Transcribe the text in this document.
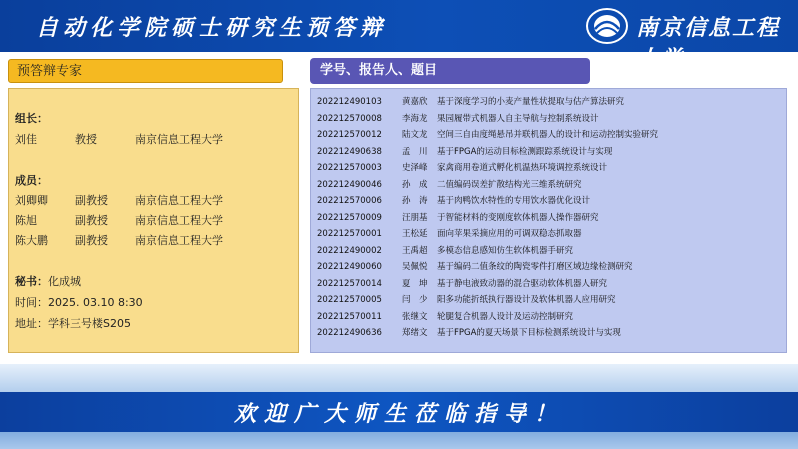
自动化学院硕士研究生预答辩	南京信息工程大学
预答辩专家
组长：
刘佳	教授	南京信息工程大学
成员：
刘卿卿 副教授 南京信息工程大学
陈旭	副教授 南京信息工程大学
陈大鹏 副教授 南京信息工程大学
秘书：化成城
时间：2025. 03.10 8:30
地址：学科三号楼S205
学号、报告人、题目
202212490103	黄嘉欣	基于深度学习的小麦产量性状提取与估产算法研究
202212570008	李海龙	果园履带式机器人自主导航与控制系统设计
202212570012	陆文龙	空间三自由度绳悬吊并联机器人的设计和运动控制实验研究
202212490638	孟　川	基于FPGA的运动目标检测跟踪系统设计与实现
202212570003	史泽峰	家禽商用卷道式孵化机温热环境调控系统设计
202212490046	孙　成	二值编码误差扩散结构光三维系统研究
202212570006	孙　涛	基于肉鸭饮水特性的专用饮水器优化设计
202212570009	汪朋基	于智能材料的变刚度软体机器人操作器研究
202212570001	王松延	面向苹果采摘应用的可调双稳态抓取器
202212490002	王禹超	多模态信息感知仿生软体机器手研究
202212490060	吴佩悦	基于编码二值条纹的陶瓷零件打磨区域边缘检测研究
202212570014	夏　坤	基于静电液致动器的混合驱动软体机器人研究
202212570005	闫　少	阳多功能折纸执行器设计及软体机器人应用研究
202212570011	张继文	轮腿复合机器人设计及运动控制研究
202212490636	郑绪文	基于FPGA的夏天场景下目标检测系统设计与实现
欢迎广大师生莅临指导！
